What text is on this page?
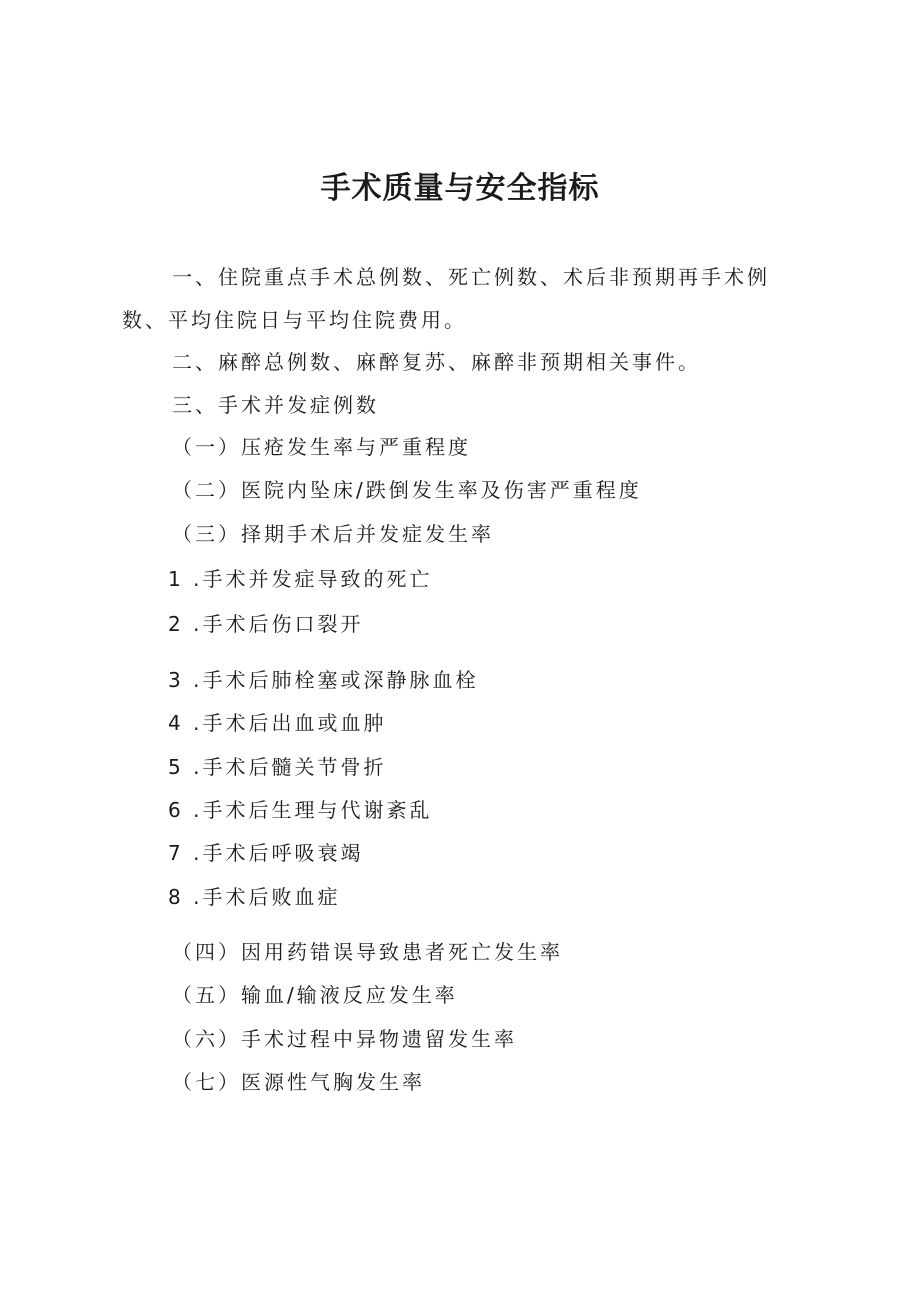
手术质量与安全指标
一、住院重点手术总例数、死亡例数、术后非预期再手术例
数、平均住院日与平均住院费用。
二、麻醉总例数、麻醉复苏、麻醉非预期相关事件。
三、手术并发症例数
（一）压疮发生率与严重程度
（二）医院内坠床/跌倒发生率及伤害严重程度
（三）择期手术后并发症发生率
1 .手术并发症导致的死亡
2 .手术后伤口裂开
3 .手术后肺栓塞或深静脉血栓
4 .手术后出血或血肿
5 .手术后髓关节骨折
6 .手术后生理与代谢紊乱
7 .手术后呼吸衰竭
8 .手术后败血症
（四）因用药错误导致患者死亡发生率
（五）输血/输液反应发生率
（六）手术过程中异物遗留发生率
（七）医源性气胸发生率
